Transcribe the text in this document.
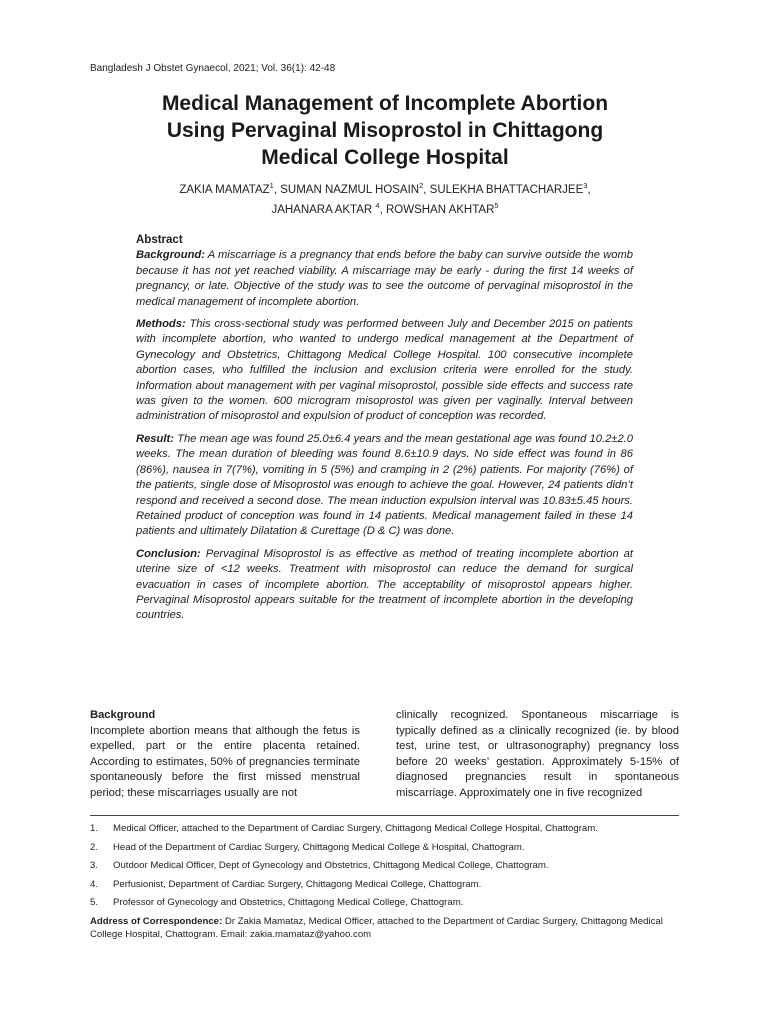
Bangladesh J Obstet Gynaecol, 2021; Vol. 36(1): 42-48
Medical Management of Incomplete Abortion
Using Pervaginal Misoprostol in Chittagong
Medical College Hospital
ZAKIA MAMATAZ$^1$, SUMAN NAZMUL HOSAIN$^2$, SULEKHA BHATTACHARJEE$^3$,
JAHANARA AKTAR $^4$, ROWSHAN AKHTAR$^5$
Abstract

Background: A miscarriage is a pregnancy that ends before the baby can survive outside the womb because it has not yet reached viability. A miscarriage may be early - during the first 14 weeks of pregnancy, or late. Objective of the study was to see the outcome of pervaginal misoprostol in the medical management of incomplete abortion.

Methods: This cross-sectional study was performed between July and December 2015 on patients with incomplete abortion, who wanted to undergo medical management at the Department of Gynecology and Obstetrics, Chittagong Medical College Hospital. 100 consecutive incomplete abortion cases, who fulfilled the inclusion and exclusion criteria were enrolled for the study. Information about management with per vaginal misoprostol, possible side effects and success rate was given to the women. 600 microgram misoprostol was given per vaginally. Interval between administration of misoprostol and expulsion of product of conception was recorded.

Result: The mean age was found 25.0±6.4 years and the mean gestational age was found 10.2±2.0 weeks. The mean duration of bleeding was found 8.6±10.9 days. No side effect was found in 86 (86%), nausea in 7(7%), vomiting in 5 (5%) and cramping in 2 (2%) patients. For majority (76%) of the patients, single dose of Misoprostol was enough to achieve the goal. However, 24 patients didn’t respond and received a second dose. The mean induction expulsion interval was 10.83±5.45 hours. Retained product of conception was found in 14 patients. Medical management failed in these 14 patients and ultimately Dilatation & Curettage (D & C) was done.

Conclusion: Pervaginal Misoprostol is as effective as method of treating incomplete abortion at uterine size of <12 weeks. Treatment with misoprostol can reduce the demand for surgical evacuation in cases of incomplete abortion. The acceptability of misoprostol appears higher. Pervaginal Misoprostol appears suitable for the treatment of incomplete abortion in the developing countries.

Background

Incomplete abortion means that although the fetus is expelled, part or the entire placenta retained. According to estimates, 50% of pregnancies terminate spontaneously before the first missed menstrual period; these miscarriages usually are not

clinically recognized. Spontaneous miscarriage is typically defined as a clinically recognized (ie. by blood test, urine test, or ultrasonography) pregnancy loss before 20 weeks’ gestation. Approximately 5-15% of diagnosed pregnancies result in spontaneous miscarriage. Approximately one in five recognized

1.	Medical Officer, attached to the Department of Cardiac Surgery, Chittagong Medical College Hospital, Chattogram.
2.	Head of the Department of Cardiac Surgery, Chittagong Medical College & Hospital, Chattogram.
3.	Outdoor Medical Officer, Dept of Gynecology and Obstetrics, Chittagong Medical College, Chattogram.
4.	Perfusionist, Department of Cardiac Surgery, Chittagong Medical College, Chattogram.
5.	Professor of Gynecology and Obstetrics, Chittagong Medical College, Chattogram.
Address of Correspondence: Dr Zakia Mamataz, Medical Officer, attached to the Department of Cardiac Surgery, Chittagong Medical College Hospital, Chattogram. Email: zakia.mamataz@yahoo.com
